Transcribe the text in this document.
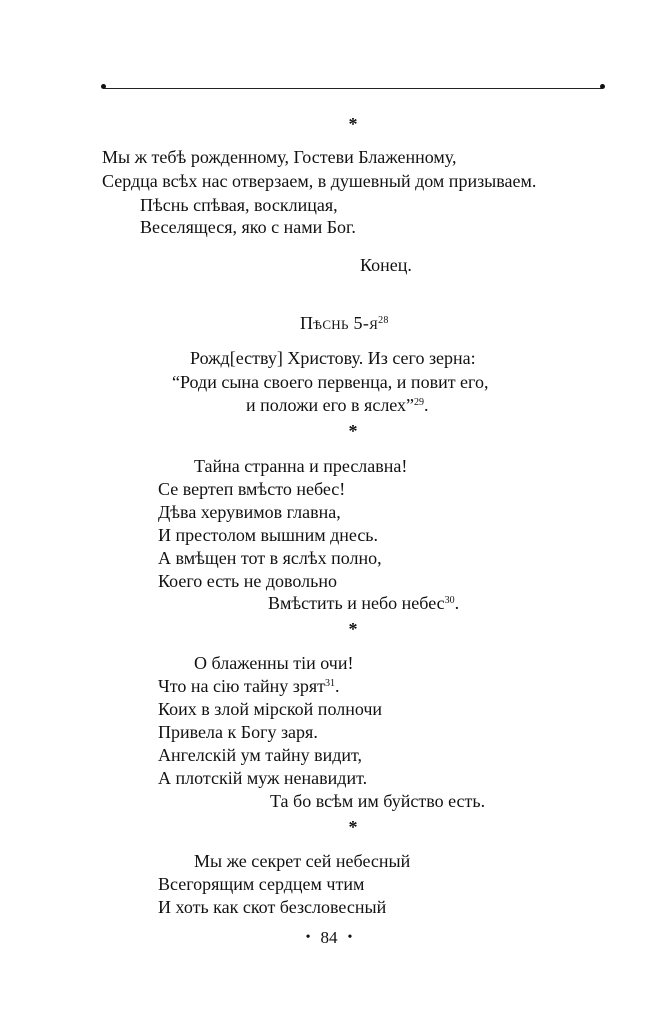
*
Мы ж тебѣ рожденному, Гостеви Блаженному,
Сердца всѣх нас отверзаем, в душевный дом призываем.
Пѣснь спѣвая, восклицая,
Веселящеся, яко с нами Бог.
Конец.
Пѣснь $5-я^{28}$
Рожд[еству] Христову. Из сего зерна:
“Роди сына своего первенца, и повит его,
и положи его в яслех”$^{29}$.
*
Тайна странна и преславна!
Се вертеп вмѣсто небес!
Дѣва херувимов главна,
И престолом вышним днесь.
А вмѣщен тот в яслѣх полно,
Коего есть не довольно
Вмѣстить и небо небес$^{30}$.
*
О блаженны тіи очи!
Что на сію тайну зрят$^{31}$.
Коих в злой мірской полночи
Привела к Богу заря.
Ангелскій ум тайну видит,
А плотскій муж ненавидит.
Та бо всѣм им буйство есть.
*
Мы же секрет сей небесный
Всегорящим сердцем чтим
И хоть как скот безсловесный
• 84 •
